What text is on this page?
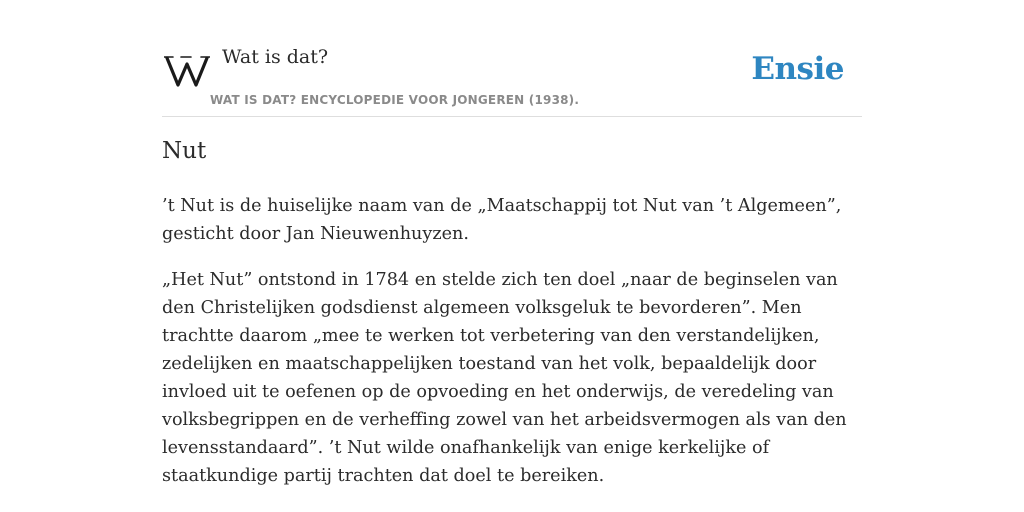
Wat is dat?
WAT IS DAT? ENCYCLOPEDIE VOOR JONGEREN (1938).
Ensie
Nut

’t Nut is de huiselijke naam van de „Maatschappij tot Nut van ’t Algemeen”, gesticht door Jan Nieuwenhuyzen.

„Het Nut” ontstond in 1784 en stelde zich ten doel „naar de beginselen van den Christelijken godsdienst algemeen volksgeluk te bevorderen”. Men trachtte daarom „mee te werken tot verbetering van den verstandelijken, zedelijken en maatschappelijken toestand van het volk, bepaaldelijk door invloed uit te oefenen op de opvoeding en het onderwijs, de veredeling van volksbegrippen en de verheffing zowel van het arbeidsvermogen als van den levensstandaard”. ’t Nut wilde onafhankelijk van enige kerkelijke of staatkundige partij trachten dat doel te bereiken.
